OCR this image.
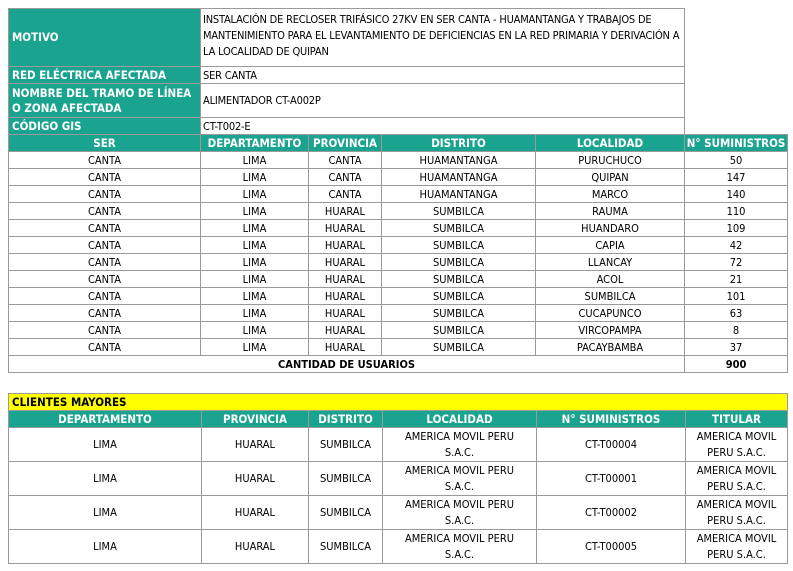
MOTIVO	INSTALACIÓN DE RECLOSER TRIFÁSICO 27KV EN SER CANTA - HUAMANTANGA Y TRABAJOS DE MANTENIMIENTO PARA EL LEVANTAMIENTO DE DEFICIENCIAS EN LA RED PRIMARIA Y DERIVACIÓN A LA LOCALIDAD DE QUIPAN				
RED ELÉCTRICA AFECTADA	SER CANTA				
NOMBRE DEL TRAMO DE LÍNEA O ZONA AFECTADA	ALIMENTADOR CT-A002P				
CÓDIGO GIS	CT-T002-E				
SER	DEPARTAMENTO	PROVINCIA	DISTRITO	LOCALIDAD	N° SUMINISTROS
CANTA	LIMA	CANTA	HUAMANTANGA	PURUCHUCO	50
CANTA	LIMA	CANTA	HUAMANTANGA	QUIPAN	147
CANTA	LIMA	CANTA	HUAMANTANGA	MARCO	140
CANTA	LIMA	HUARAL	SUMBILCA	RAUMA	110
CANTA	LIMA	HUARAL	SUMBILCA	HUANDARO	109
CANTA	LIMA	HUARAL	SUMBILCA	CAPIA	42
CANTA	LIMA	HUARAL	SUMBILCA	LLANCAY	72
CANTA	LIMA	HUARAL	SUMBILCA	ACOL	21
CANTA	LIMA	HUARAL	SUMBILCA	SUMBILCA	101
CANTA	LIMA	HUARAL	SUMBILCA	CUCAPUNCO	63
CANTA	LIMA	HUARAL	SUMBILCA	VIRCOPAMPA	8
CANTA	LIMA	HUARAL	SUMBILCA	PACAYBAMBA	37
CANTIDAD DE USUARIOS					900
CLIENTES MAYORES					
DEPARTAMENTO	PROVINCIA	DISTRITO	LOCALIDAD	N° SUMINISTROS	TITULAR
LIMA	HUARAL	SUMBILCA	AMERICA MOVIL PERU S.A.C.	CT-T00004	AMERICA MOVIL PERU S.A.C.
LIMA	HUARAL	SUMBILCA	AMERICA MOVIL PERU S.A.C.	CT-T00001	AMERICA MOVIL PERU S.A.C.
LIMA	HUARAL	SUMBILCA	AMERICA MOVIL PERU S.A.C.	CT-T00002	AMERICA MOVIL PERU S.A.C.
LIMA	HUARAL	SUMBILCA	AMERICA MOVIL PERU S.A.C.	CT-T00005	AMERICA MOVIL PERU S.A.C.
